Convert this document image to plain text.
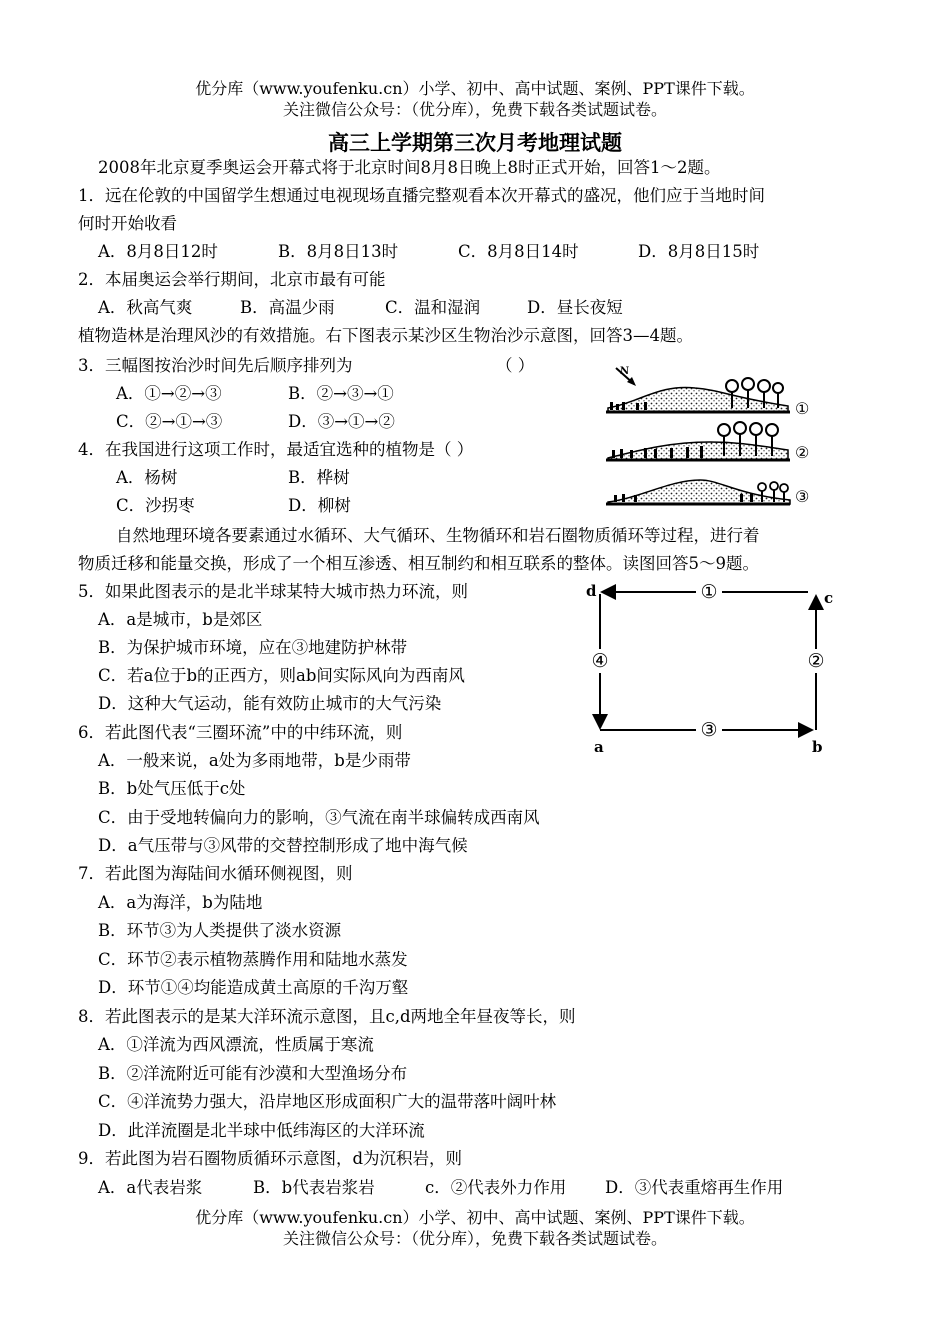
优分库（www.youfenku.cn）小学、初中、高中试题、案例、PPT课件下载。
关注微信公众号：（优分库），免费下载各类试题试卷。
高三上学期第三次月考地理试题
2008年北京夏季奥运会开幕式将于北京时间8月8日晚上8时正式开始，回答1～2题。
1．远在伦敦的中国留学生想通过电视现场直播完整观看本次开幕式的盛况，他们应于当地时间
何时开始收看
A．8月8日12时	B．8月8日13时	C．8月8日14时	D．8月8日15时
2．本届奥运会举行期间，北京市最有可能
A．秋高气爽	B．高温少雨	C．温和湿润	D．昼长夜短
植物造林是治理风沙的有效措施。右下图表示某沙区生物治沙示意图，回答3—4题。
3．三幅图按治沙时间先后顺序排列为	（ ）
A．①→②→③	B．②→③→①
C．②→①→③	D．③→①→②
4．在我国进行这项工作时，最适宜选种的植物是（ ）
A．杨树	B．桦树
C．沙拐枣	D．柳树
N
①
②
③
自然地理环境各要素通过水循环、大气循环、生物循环和岩石圈物质循环等过程，进行着
物质迁移和能量交换，形成了一个相互渗透、相互制约和相互联系的整体。读图回答5～9题。
①
②
③
④
d	c
a	b
5．如果此图表示的是北半球某特大城市热力环流，则
A．a是城市，b是郊区
B．为保护城市环境，应在③地建防护林带
C．若a位于b的正西方，则ab间实际风向为西南风
D．这种大气运动，能有效防止城市的大气污染
6．若此图代表“三圈环流”中的中纬环流，则
A．一般来说，a处为多雨地带，b是少雨带
B．b处气压低于c处
C．由于受地转偏向力的影响，③气流在南半球偏转成西南风
D．a气压带与③风带的交替控制形成了地中海气候
7．若此图为海陆间水循环侧视图，则
A．a为海洋，b为陆地
B．环节③为人类提供了淡水资源
C．环节②表示植物蒸腾作用和陆地水蒸发
D．环节①④均能造成黄土高原的千沟万壑
8．若此图表示的是某大洋环流示意图，且c,d两地全年昼夜等长，则
A．①洋流为西风漂流，性质属于寒流
B．②洋流附近可能有沙漠和大型渔场分布
C．④洋流势力强大，沿岸地区形成面积广大的温带落叶阔叶林
D．此洋流圈是北半球中低纬海区的大洋环流
9．若此图为岩石圈物质循环示意图，d为沉积岩，则
A．a代表岩浆	B．b代表岩浆岩	c．②代表外力作用 D．③代表重熔再生作用
优分库（www.youfenku.cn）小学、初中、高中试题、案例、PPT课件下载。
关注微信公众号：（优分库），免费下载各类试题试卷。
